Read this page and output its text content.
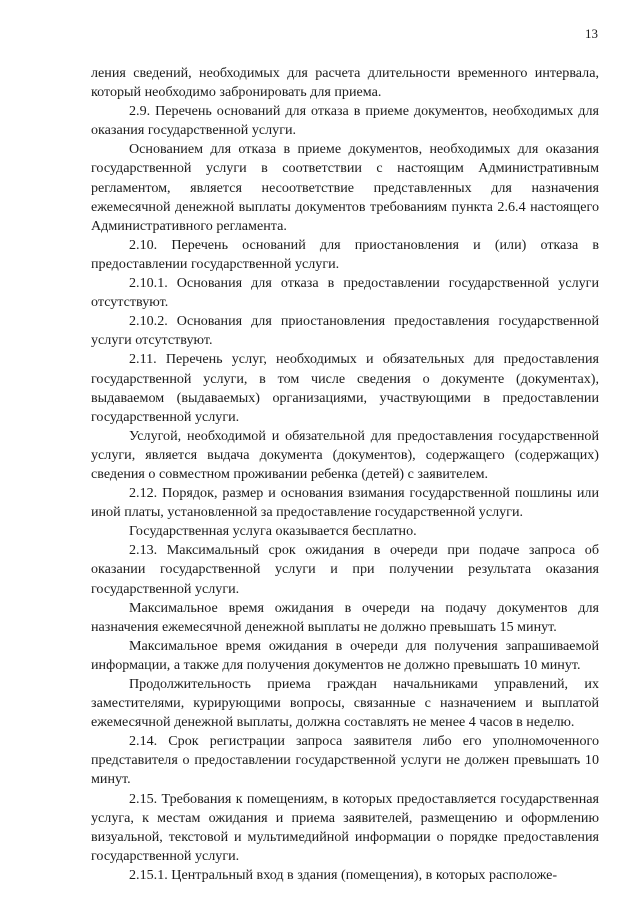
13

ления сведений, необходимых для расчета длительности временного интервала, который необходимо забронировать для приема.

2.9. Перечень оснований для отказа в приеме документов, необходимых для оказания государственной услуги.

Основанием для отказа в приеме документов, необходимых для оказания государственной услуги в соответствии с настоящим Административным регламентом, является несоответствие представленных для назначения ежемесячной денежной выплаты документов требованиям пункта 2.6.4 настоящего Административного регламента.

2.10. Перечень оснований для приостановления и (или) отказа в предоставлении государственной услуги.

2.10.1. Основания для отказа в предоставлении государственной услуги отсутствуют.

2.10.2. Основания для приостановления предоставления государственной услуги отсутствуют.

2.11. Перечень услуг, необходимых и обязательных для предоставления государственной услуги, в том числе сведения о документе (документах), выдаваемом (выдаваемых) организациями, участвующими в предоставлении государственной услуги.

Услугой, необходимой и обязательной для предоставления государственной услуги, является выдача документа (документов), содержащего (содержащих) сведения о совместном проживании ребенка (детей) с заявителем.

2.12. Порядок, размер и основания взимания государственной пошлины или иной платы, установленной за предоставление государственной услуги.

Государственная услуга оказывается бесплатно.

2.13. Максимальный срок ожидания в очереди при подаче запроса об оказании государственной услуги и при получении результата оказания государственной услуги.

Максимальное время ожидания в очереди на подачу документов для назначения ежемесячной денежной выплаты не должно превышать 15 минут.

Максимальное время ожидания в очереди для получения запрашиваемой информации, а также для получения документов не должно превышать 10 минут.

Продолжительность приема граждан начальниками управлений, их заместителями, курирующими вопросы, связанные с назначением и выплатой ежемесячной денежной выплаты, должна составлять не менее 4 часов в неделю.

2.14. Срок регистрации запроса заявителя либо его уполномоченного представителя о предоставлении государственной услуги не должен превышать 10 минут.

2.15. Требования к помещениям, в которых предоставляется государственная услуга, к местам ожидания и приема заявителей, размещению и оформлению визуальной, текстовой и мультимедийной информации о порядке предоставления государственной услуги.

2.15.1. Центральный вход в здания (помещения), в которых расположе-
